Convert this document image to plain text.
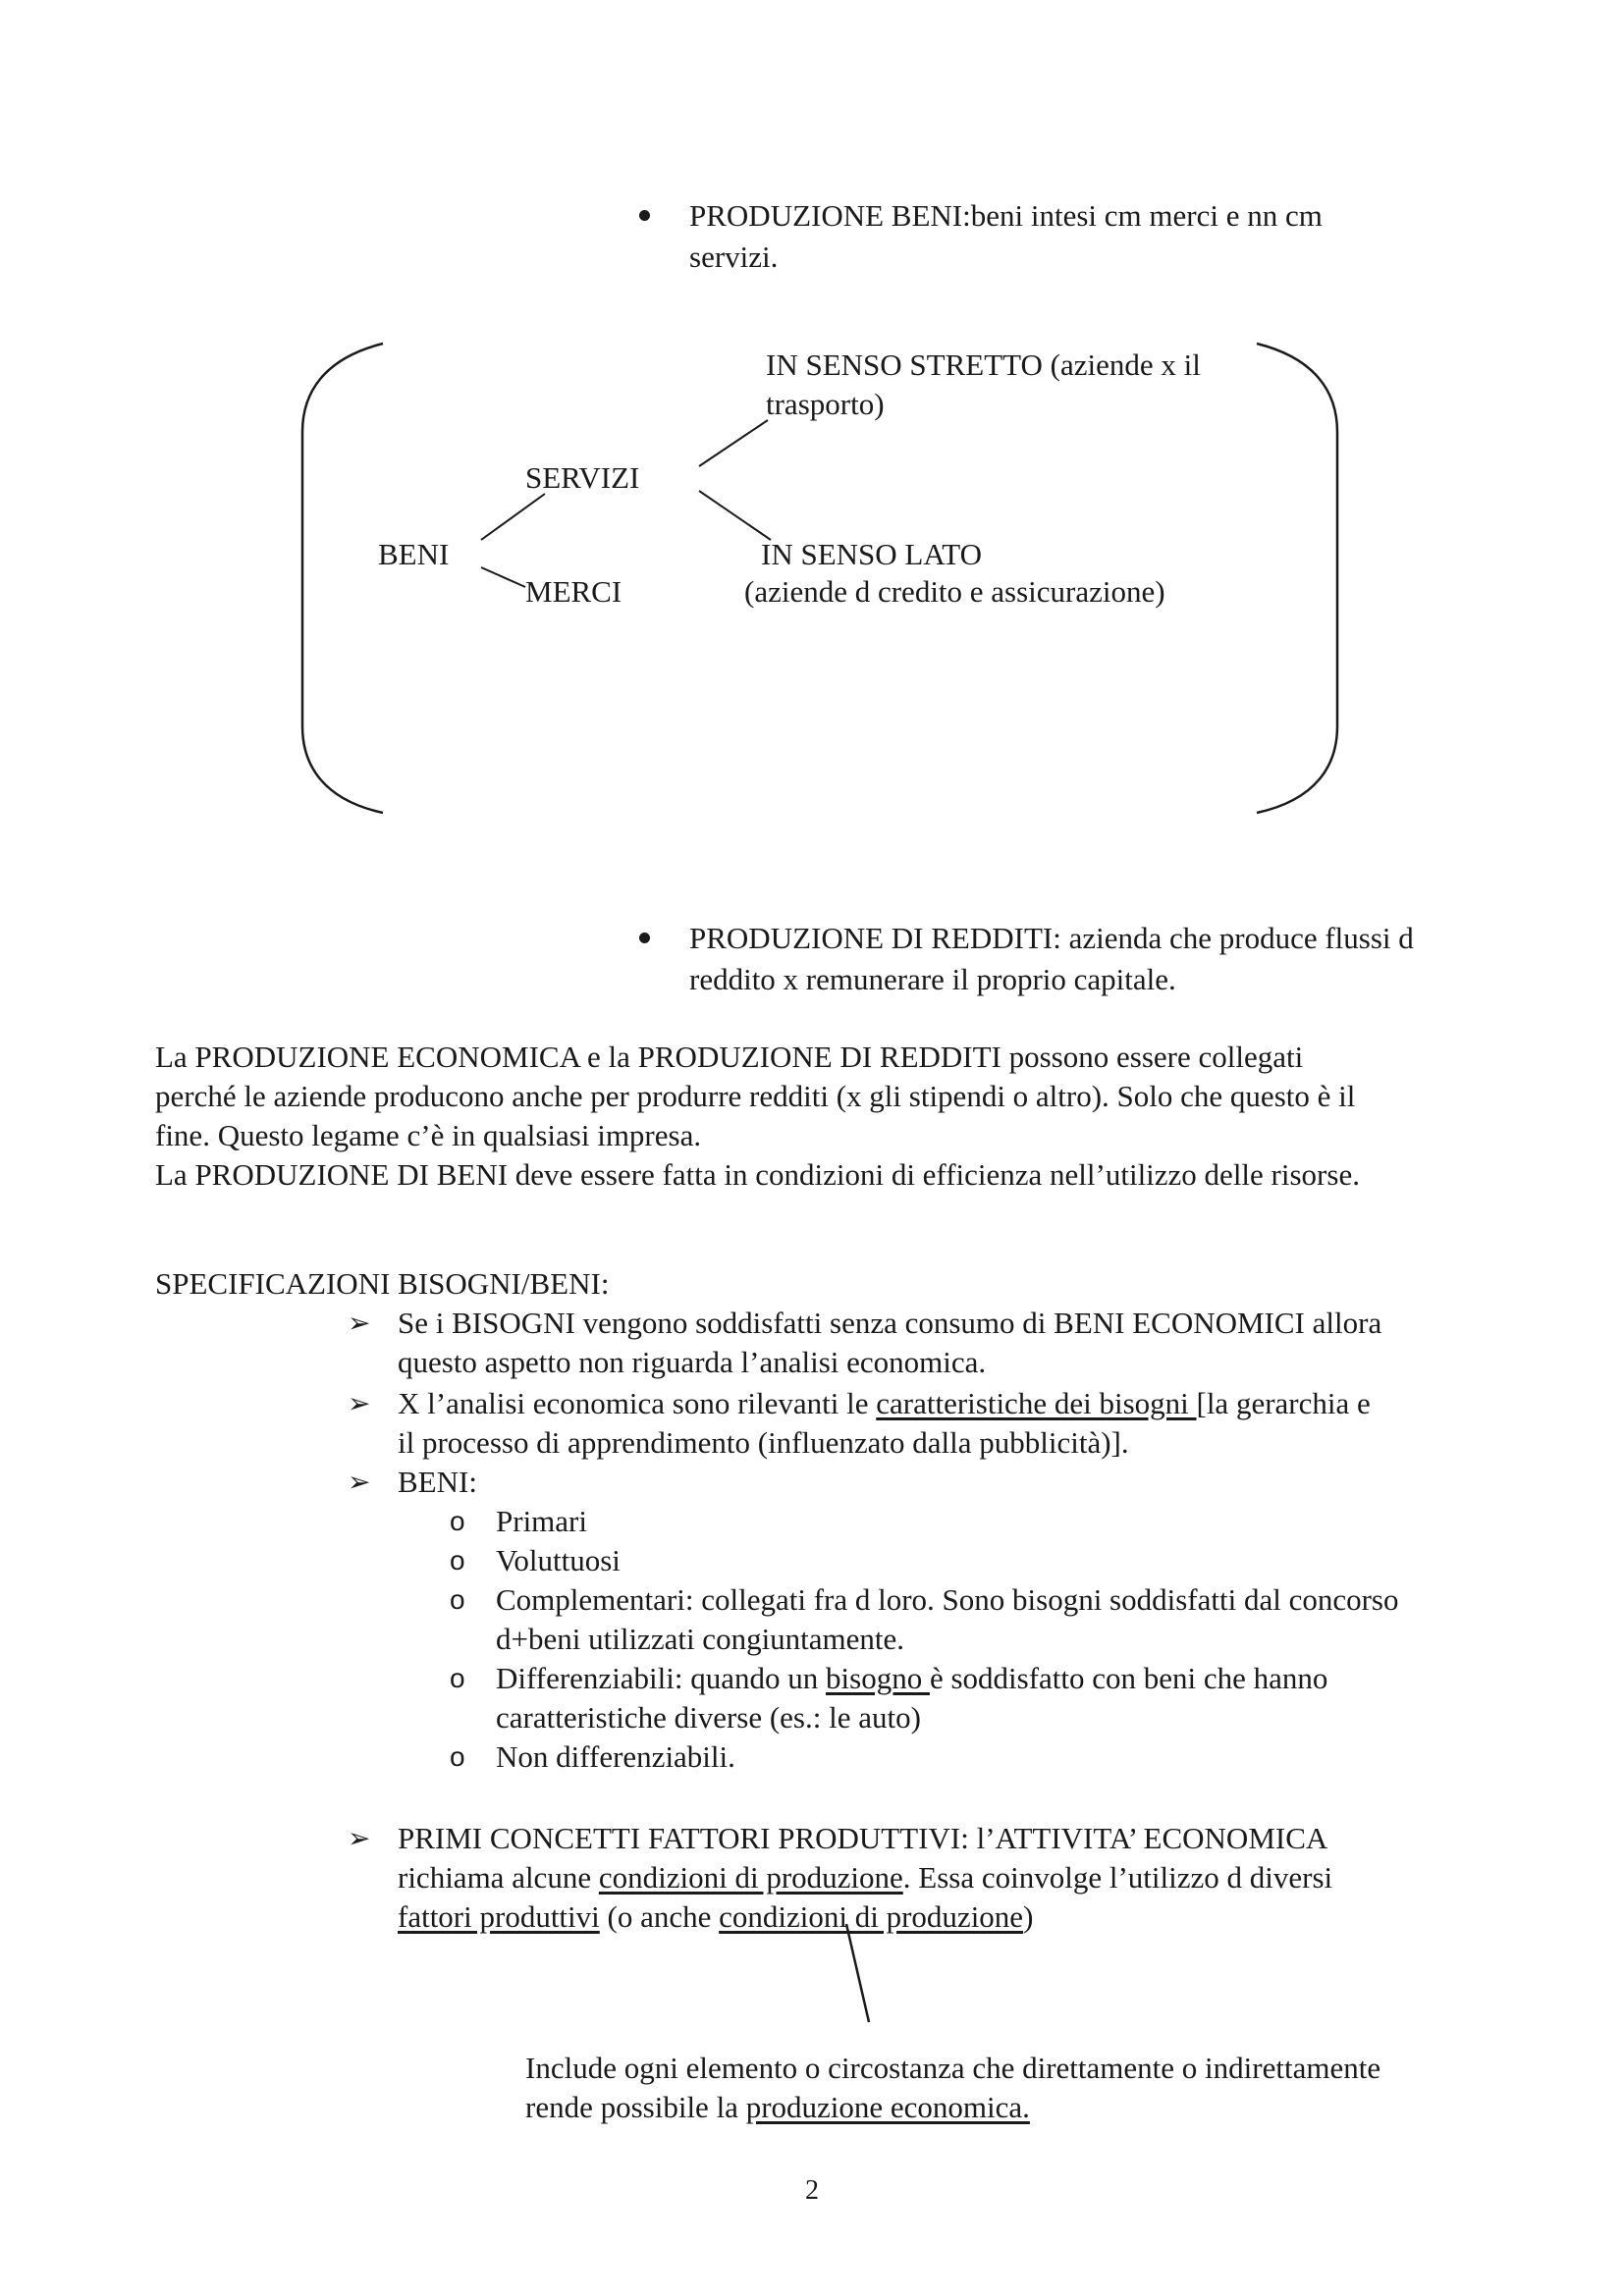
PRODUZIONE BENI:beni intesi cm merci e nn cm
servizi.
IN SENSO STRETTO (aziende x il
trasporto)
SERVIZI
BENI
MERCI
IN SENSO LATO
(aziende d credito e assicurazione)
PRODUZIONE DI REDDITI: azienda che produce flussi d
reddito x remunerare il proprio capitale.
La PRODUZIONE ECONOMICA e la PRODUZIONE DI REDDITI possono essere collegati
perché le aziende producono anche per produrre redditi (x gli stipendi o altro). Solo che questo è il
fine. Questo legame c’è in qualsiasi impresa.
La PRODUZIONE DI BENI deve essere fatta in condizioni di efficienza nell’utilizzo delle risorse.
SPECIFICAZIONI BISOGNI/BENI:
➢ Se i BISOGNI vengono soddisfatti senza consumo di BENI ECONOMICI allora
questo aspetto non riguarda l’analisi economica.
➢ X l’analisi economica sono rilevanti le caratteristiche dei bisogni [la gerarchia e
il processo di apprendimento (influenzato dalla pubblicità)].
➢ BENI:
o Primari
o Voluttuosi
o Complementari: collegati fra d loro. Sono bisogni soddisfatti dal concorso
d+beni utilizzati congiuntamente.
o Differenziabili: quando un bisogno è soddisfatto con beni che hanno
caratteristiche diverse (es.: le auto)
o Non differenziabili.
➢ PRIMI CONCETTI FATTORI PRODUTTIVI: l’ATTIVITA’ ECONOMICA
richiama alcune condizioni di produzione. Essa coinvolge l’utilizzo d diversi
fattori produttivi (o anche condizioni di produzione)
Include ogni elemento o circostanza che direttamente o indirettamente
rende possibile la produzione economica.
2
